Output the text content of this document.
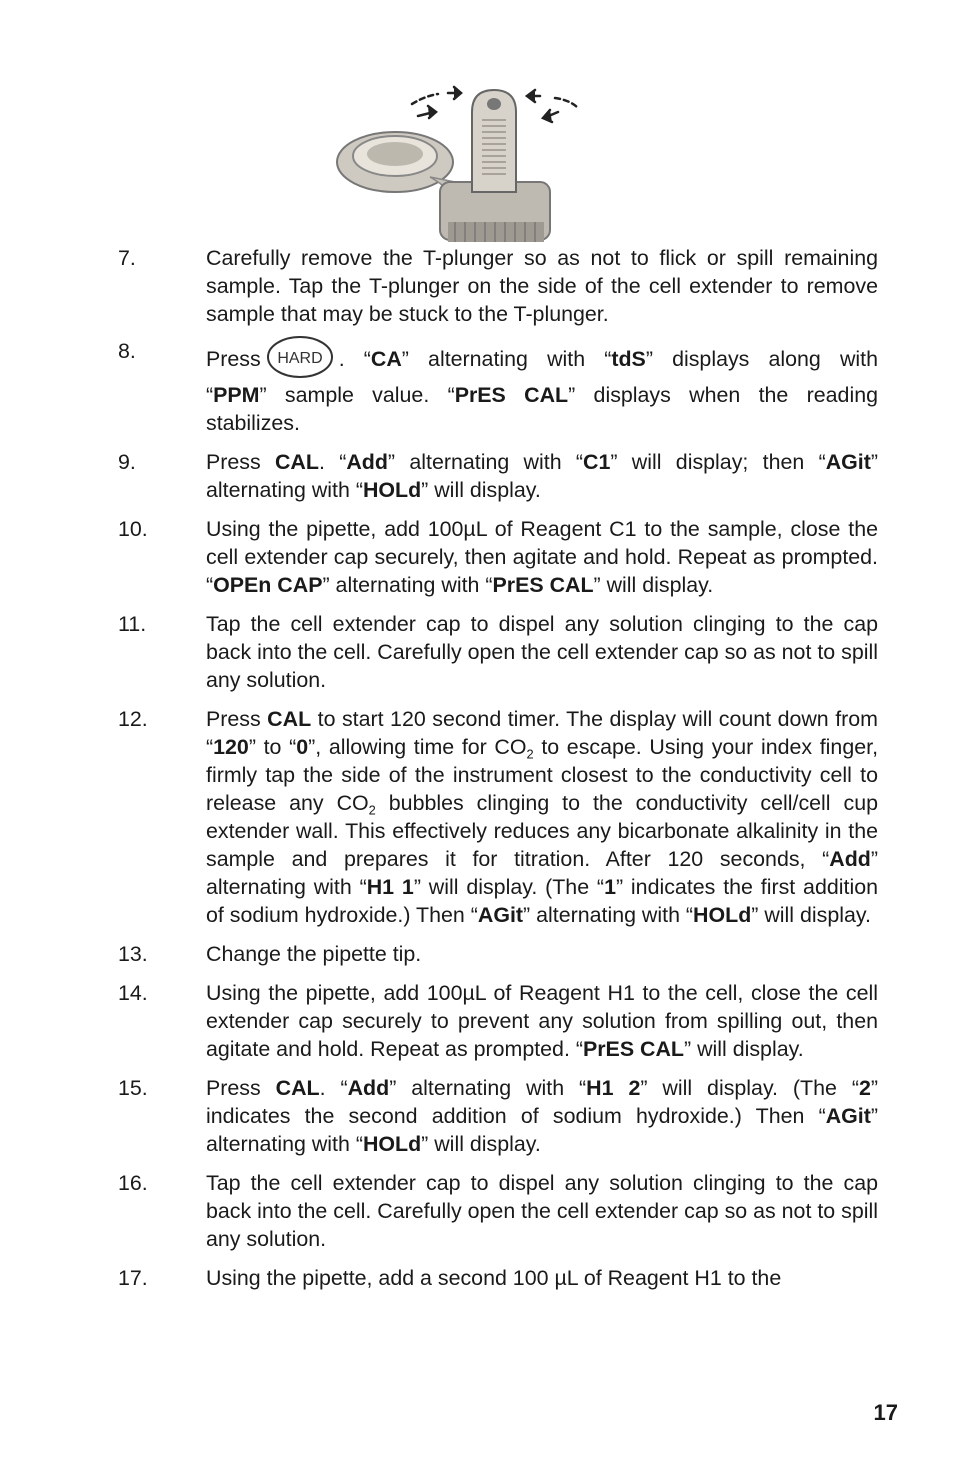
7.	Carefully remove the T-plunger so as not to flick or spill remaining sample. Tap the T-plunger on the side of the cell extender to remove sample that may be stuck to the T-plunger.
8.	Press HARD . “CA” alternating with “tdS” displays along with
“PPM” sample value. “PrES CAL” displays when the reading stabilizes.
9.	Press CAL. “Add” alternating with “C1” will display; then “AGit” alternating with “HOLd” will display.
10.	Using the pipette, add 100µL of Reagent C1 to the sample, close the cell extender cap securely, then agitate and hold. Repeat as prompted. “OPEn CAP” alternating with “PrES CAL” will display.
11.	Tap the cell extender cap to dispel any solution clinging to the cap back into the cell. Carefully open the cell extender cap so as not to spill any solution.
12.	Press CAL to start 120 second timer. The display will count down from “120” to “0”, allowing time for $CO_2$ to escape. Using your index finger, firmly tap the side of the instrument closest to the conductivity cell to release any $CO_2$ bubbles clinging to the conductivity cell/cell cup extender wall. This effectively reduces any bicarbonate alkalinity in the sample and prepares it for titration. After 120 seconds, “Add” alternating with “H1 1” will display. (The “1” indicates the first addition of sodium hydroxide.) Then “AGit” alternating with “HOLd” will display.
13.	Change the pipette tip.
14.	Using the pipette, add 100µL of Reagent H1 to the cell, close the cell extender cap securely to prevent any solution from spilling out, then agitate and hold. Repeat as prompted. “PrES CAL” will display.
15.	Press CAL. “Add” alternating with “H1 2” will display. (The “2” indicates the second addition of sodium hydroxide.) Then “AGit” alternating with “HOLd” will display.
16.	Tap the cell extender cap to dispel any solution clinging to the cap back into the cell. Carefully open the cell extender cap so as not to spill any solution.
17.	Using the pipette, add a second 100 µL of Reagent H1 to the
17
